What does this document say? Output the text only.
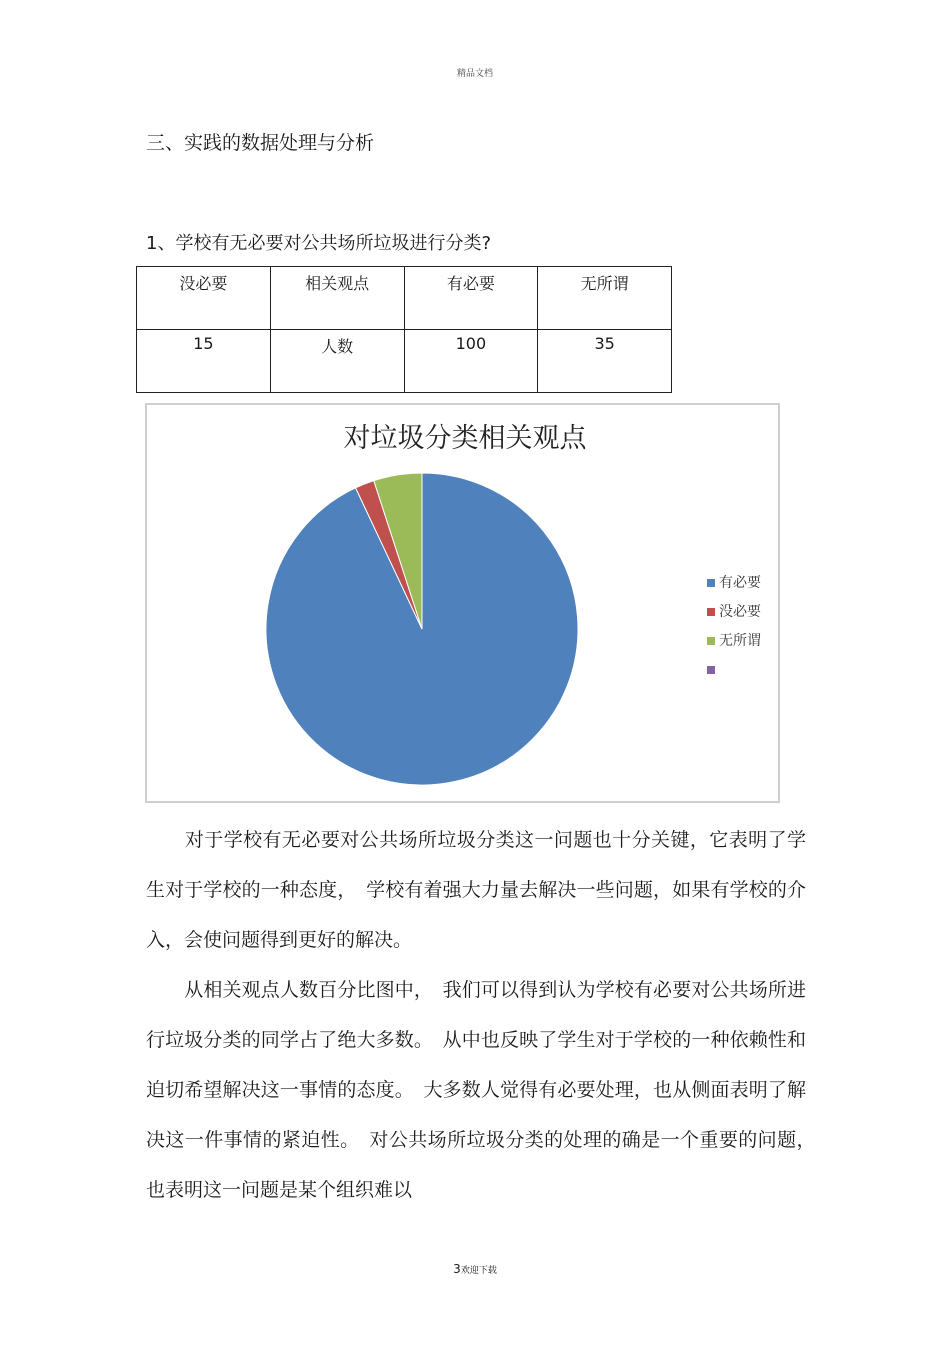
精品文档
三、实践的数据处理与分析
1、学校有无必要对公共场所垃圾进行分类?
没必要	相关观点	有必要	无所谓
15	人数	100	35
对垃圾分类相关观点
有必要
没必要
无所谓

　　对于学校有无必要对公共场所垃圾分类这一问题也十分关键，它表明了学生对于学校的一种态度，　学校有着强大力量去解决一些问题，如果有学校的介入，会使问题得到更好的解决。

　　从相关观点人数百分比图中，　我们可以得到认为学校有必要对公共场所进行垃圾分类的同学占了绝大多数。　从中也反映了学生对于学校的一种依赖性和迫切希望解决这一事情的态度。　大多数人觉得有必要处理，也从侧面表明了解决这一件事情的紧迫性。　对公共场所垃圾分类的处理的确是一个重要的问题，　也表明这一问题是某个组织难以

3欢迎下载
